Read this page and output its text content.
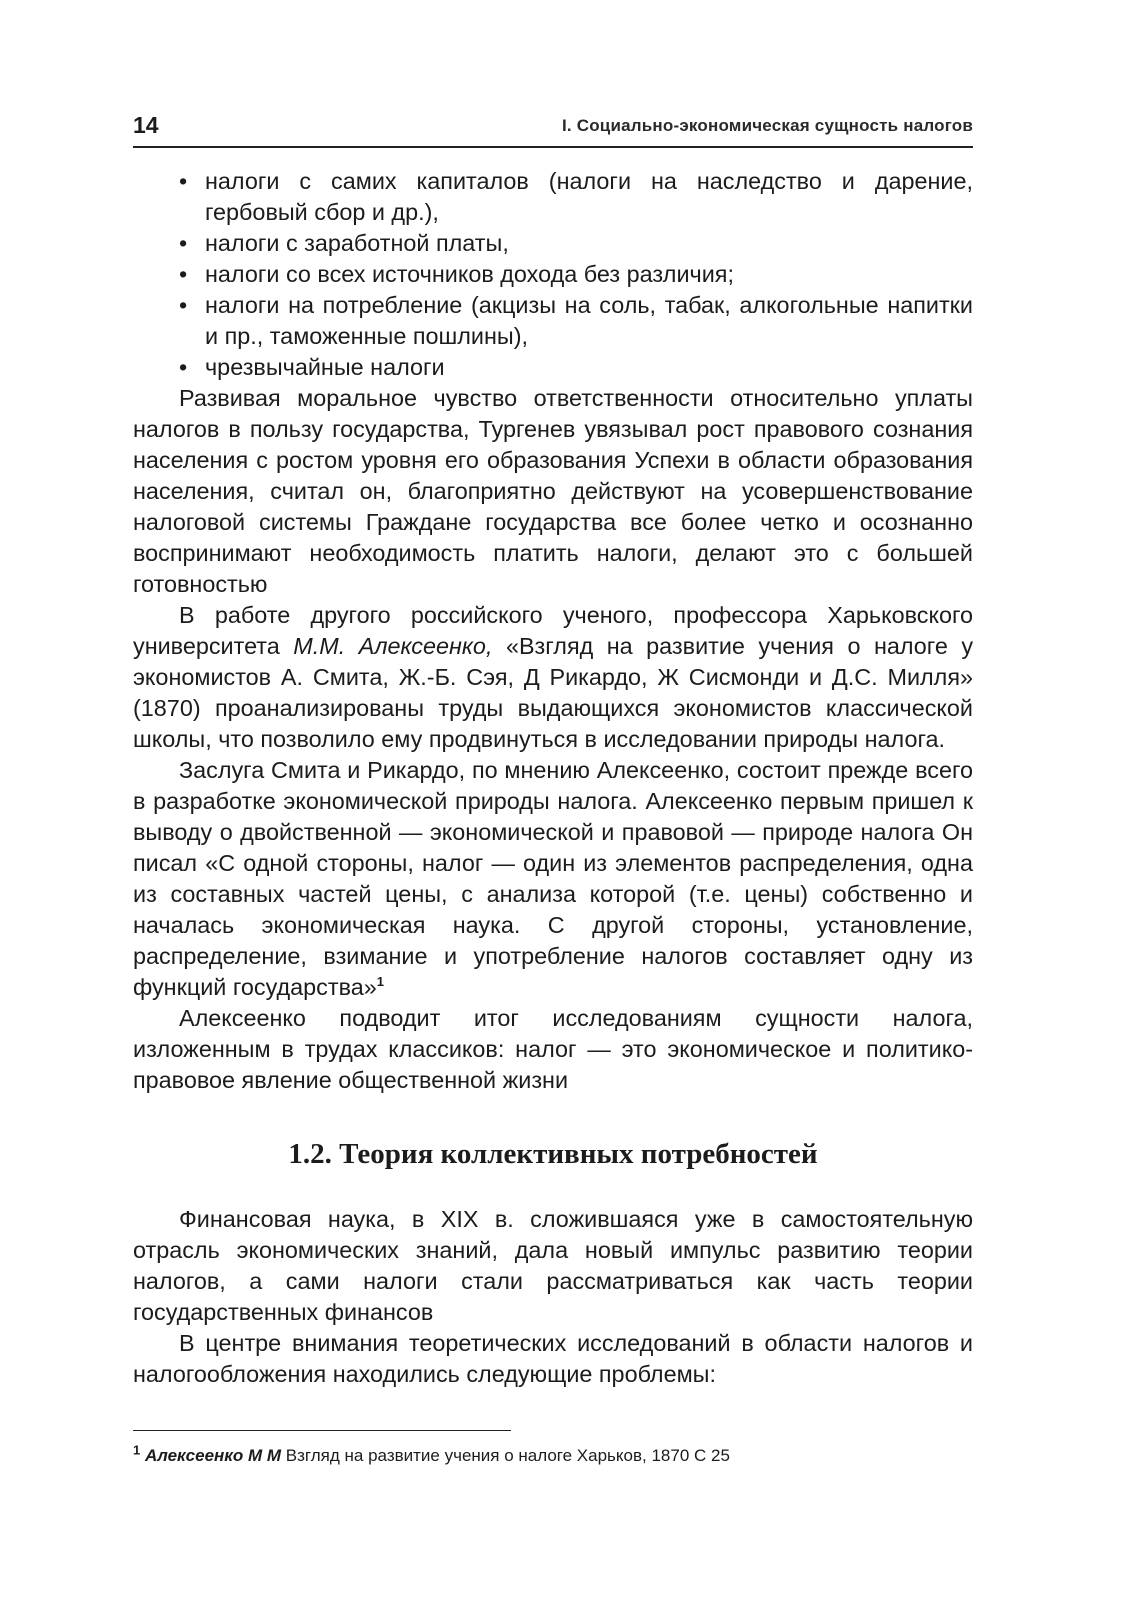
14	I. Социально-экономическая сущность налогов
• налоги с самих капиталов (налоги на наследство и дарение, гербовый сбор и др.),
• налоги с заработной платы,
• налоги со всех источников дохода без различия;
• налоги на потребление (акцизы на соль, табак, алкогольные напитки и пр., таможенные пошлины),
• чрезвычайные налоги

Развивая моральное чувство ответственности относительно уплаты налогов в пользу государства, Тургенев увязывал рост правового сознания населения с ростом уровня его образования Успехи в области образования населения, считал он, благоприятно действуют на усовершенствование налоговой системы Граждане государства все более четко и осознанно воспринимают необходимость платить налоги, делают это с большей готовностью

В работе другого российского ученого, профессора Харьковского университета М.М. Алексеенко, «Взгляд на развитие учения о налоге у экономистов А. Смита, Ж.-Б. Сэя, Д Рикардо, Ж Сисмонди и Д.С. Милля» (1870) проанализированы труды выдающихся экономистов классической школы, что позволило ему продвинуться в исследовании природы налога.

Заслуга Смита и Рикардо, по мнению Алексеенко, состоит прежде всего в разработке экономической природы налога. Алексеенко первым пришел к выводу о двойственной — экономической и правовой — природе налога Он писал «С одной стороны, налог — один из элементов распределения, одна из составных частей цены, с анализа которой (т.е. цены) собственно и началась экономическая наука. С другой стороны, установление, распределение, взимание и употребление налогов составляет одну из функций государства»$^1$

Алексеенко подводит итог исследованиям сущности налога, изложенным в трудах классиков: налог — это экономическое и политико-правовое явление общественной жизни

1.2. Теория коллективных потребностей

Финансовая наука, в XIX в. сложившаяся уже в самостоятельную отрасль экономических знаний, дала новый импульс развитию теории налогов, а сами налоги стали рассматриваться как часть теории государственных финансов

В центре внимания теоретических исследований в области налогов и налогообложения находились следующие проблемы:

$^1$ Алексеенко М М Взгляд на развитие учения о налоге Харьков, 1870 С 25
